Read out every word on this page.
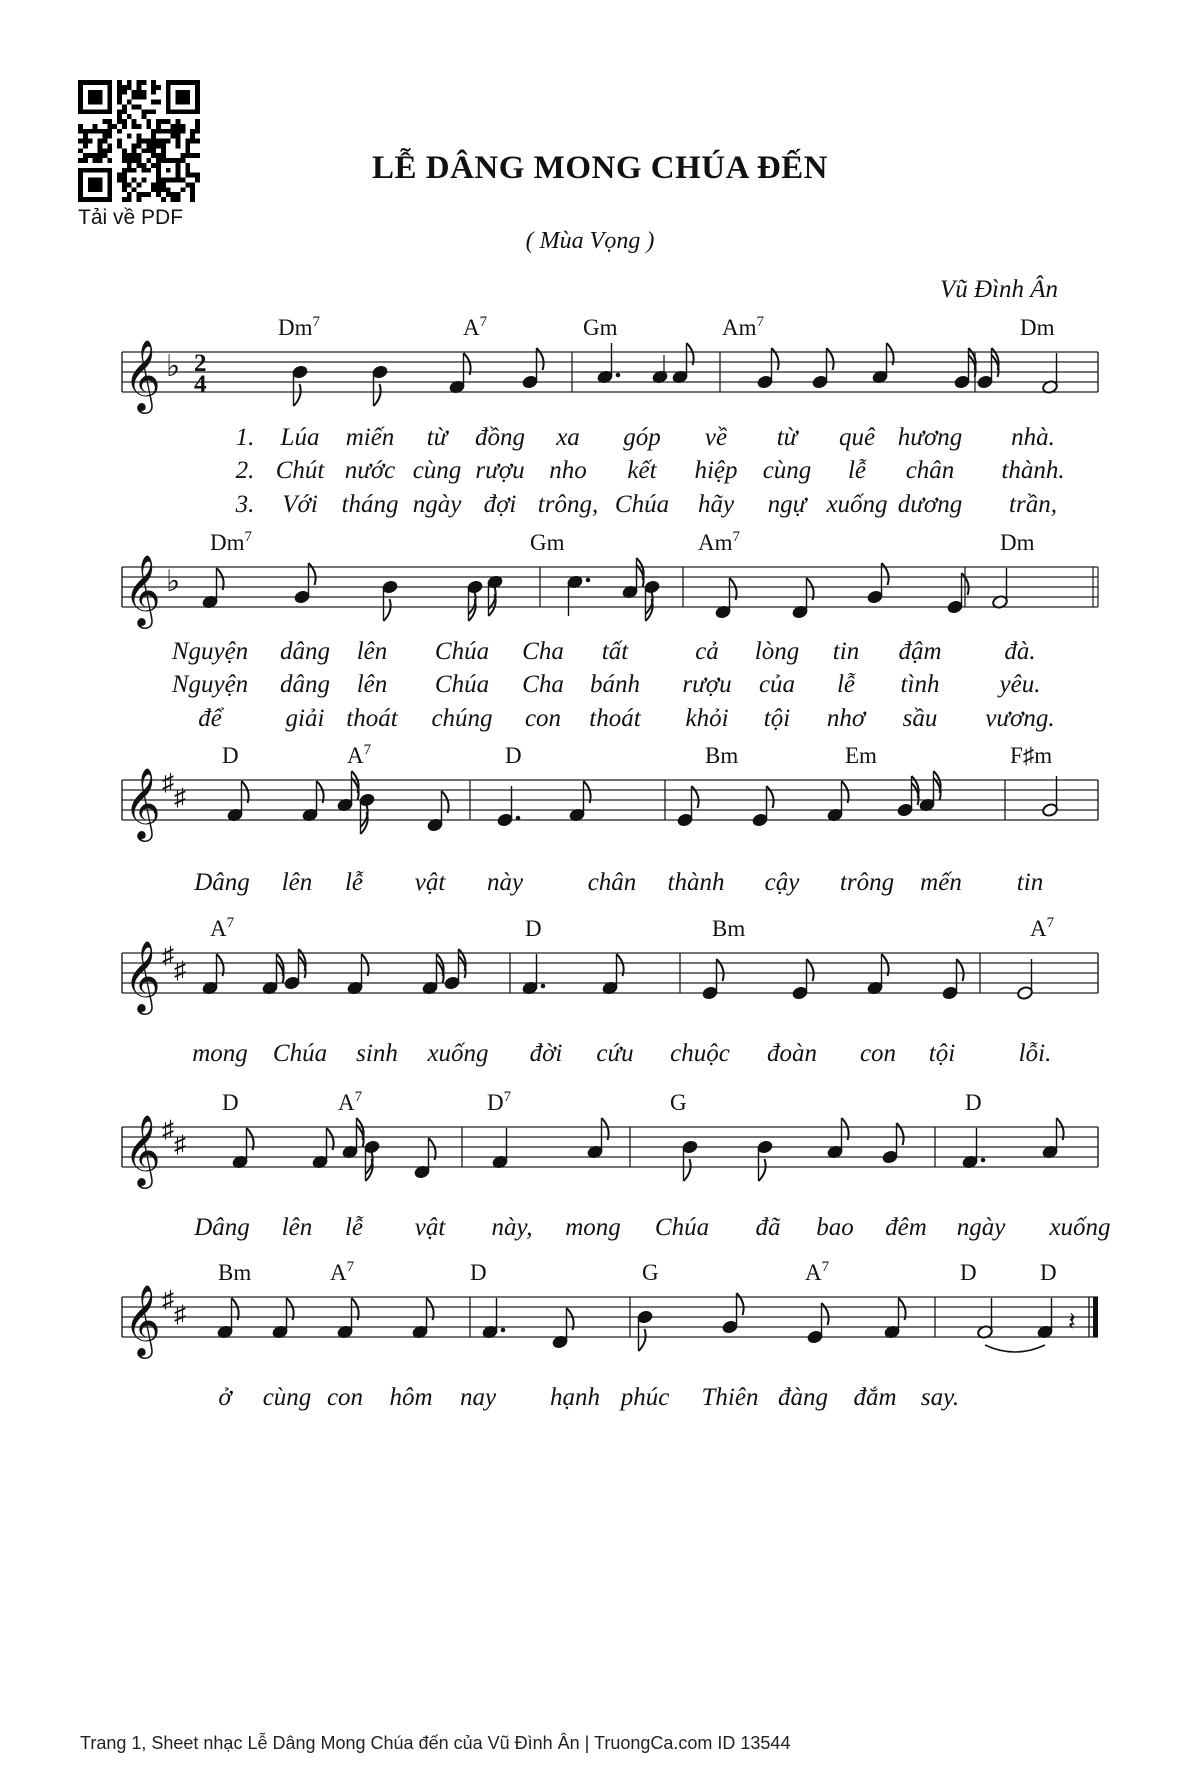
Tải về PDF
LỄ DÂNG MONG CHÚA ĐẾN
( Mùa Vọng )
Vũ Đình Ân
𝄞 ♭ 2
4
Dm$^7$	$A^7$	Gm	Am$^7$	Dm
1. Lúa miến từ đồng xa góp về từ quê hương nhà.
2. Chút nước cùng rượu nho kết hiệp cùng lễ chân thành.
3. Với tháng ngày đợi trông, Chúa hãy ngự xuống dương trần,
𝄞 ♭
Dm$^7$	Gm	Am$^7$	Dm
Nguyện dâng lên Chúa Cha tất	cả lòng tin đậm	đà.
Nguyện dâng lên Chúa Cha bánh rượu của lễ tình yêu.
để	giải thoát chúng con thoát khỏi tội nhơ sầu vương.
𝄞 ♯
♯
D	$A^7$	D	Bm	Em	F♯m
Dâng lên lễ vật này	chân thành cậy trông mến tin
𝄞 ♯
♯
$A^7$	D	Bm	$A^7$
mong Chúa sinh xuống đời cứu chuộc đoàn con tội	lỗi.
𝄞 ♯
♯
D	$A^7$	$D^7$	G	D
Dâng lên lễ vật này, mong Chúa đã bao đêm ngày xuống
𝄞 ♯
♯
Bm	$A^7$	D	G	$A^7$	D	D
𝄽
ở cùng con hôm nay hạnh phúc Thiên đàng đắm say.
Trang 1, Sheet nhạc Lễ Dâng Mong Chúa đến của Vũ Đình Ân | TruongCa.com ID 13544
